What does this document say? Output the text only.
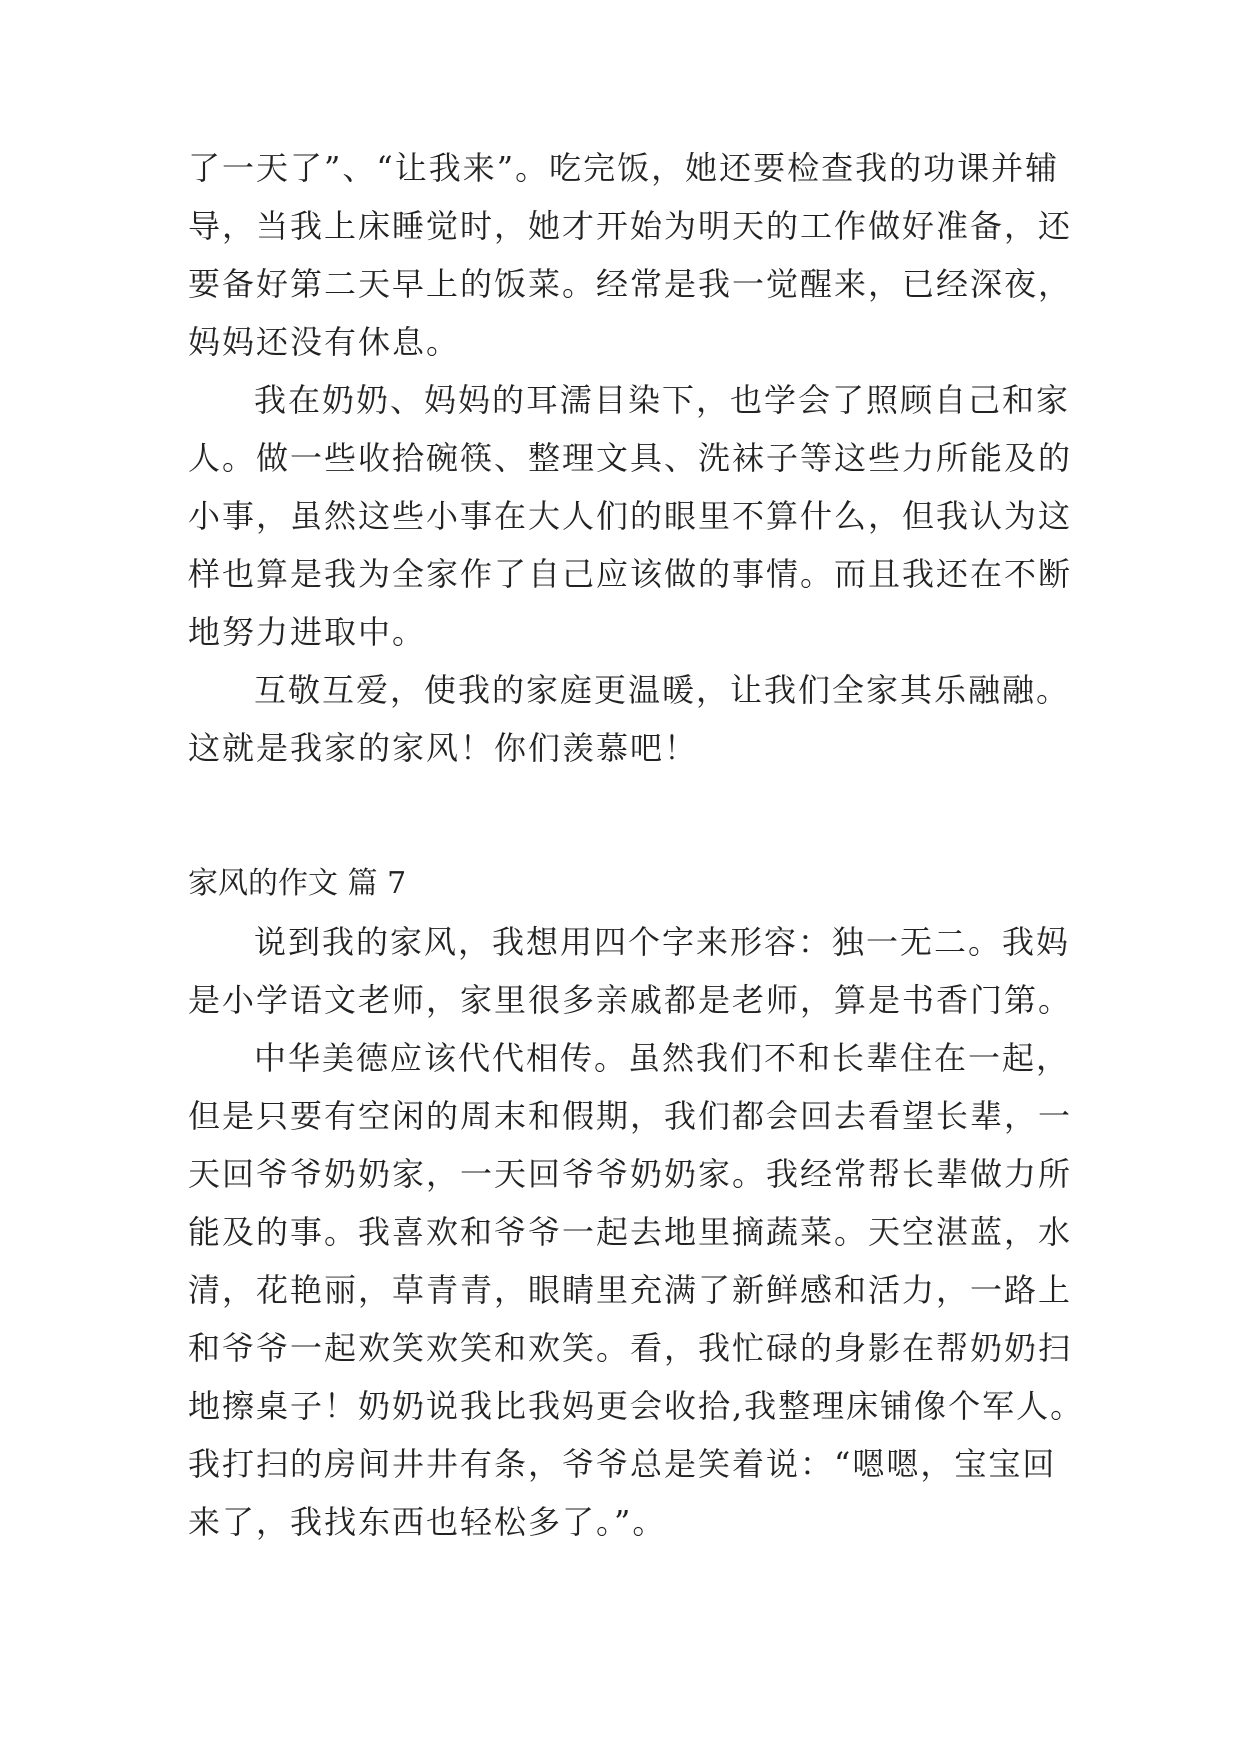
了一天了”、“让我来”。吃完饭，她还要检查我的功课并辅
导，当我上床睡觉时，她才开始为明天的工作做好准备，还
要备好第二天早上的饭菜。经常是我一觉醒来，已经深夜，
妈妈还没有休息。
我在奶奶、妈妈的耳濡目染下，也学会了照顾自己和家
人。做一些收拾碗筷、整理文具、洗袜子等这些力所能及的
小事，虽然这些小事在大人们的眼里不算什么，但我认为这
样也算是我为全家作了自己应该做的事情。而且我还在不断
地努力进取中。
互敬互爱，使我的家庭更温暖，让我们全家其乐融融。
这就是我家的家风！你们羡慕吧！
家风的作文 篇 7
说到我的家风，我想用四个字来形容：独一无二。我妈
是小学语文老师，家里很多亲戚都是老师，算是书香门第。
中华美德应该代代相传。虽然我们不和长辈住在一起，
但是只要有空闲的周末和假期，我们都会回去看望长辈，一
天回爷爷奶奶家，一天回爷爷奶奶家。我经常帮长辈做力所
能及的事。我喜欢和爷爷一起去地里摘蔬菜。天空湛蓝，水
清，花艳丽，草青青，眼睛里充满了新鲜感和活力，一路上
和爷爷一起欢笑欢笑和欢笑。看，我忙碌的身影在帮奶奶扫
地擦桌子！奶奶说我比我妈更会收拾,我整理床铺像个军人。
我打扫的房间井井有条，爷爷总是笑着说：“嗯嗯，宝宝回
来了，我找东西也轻松多了。”。
